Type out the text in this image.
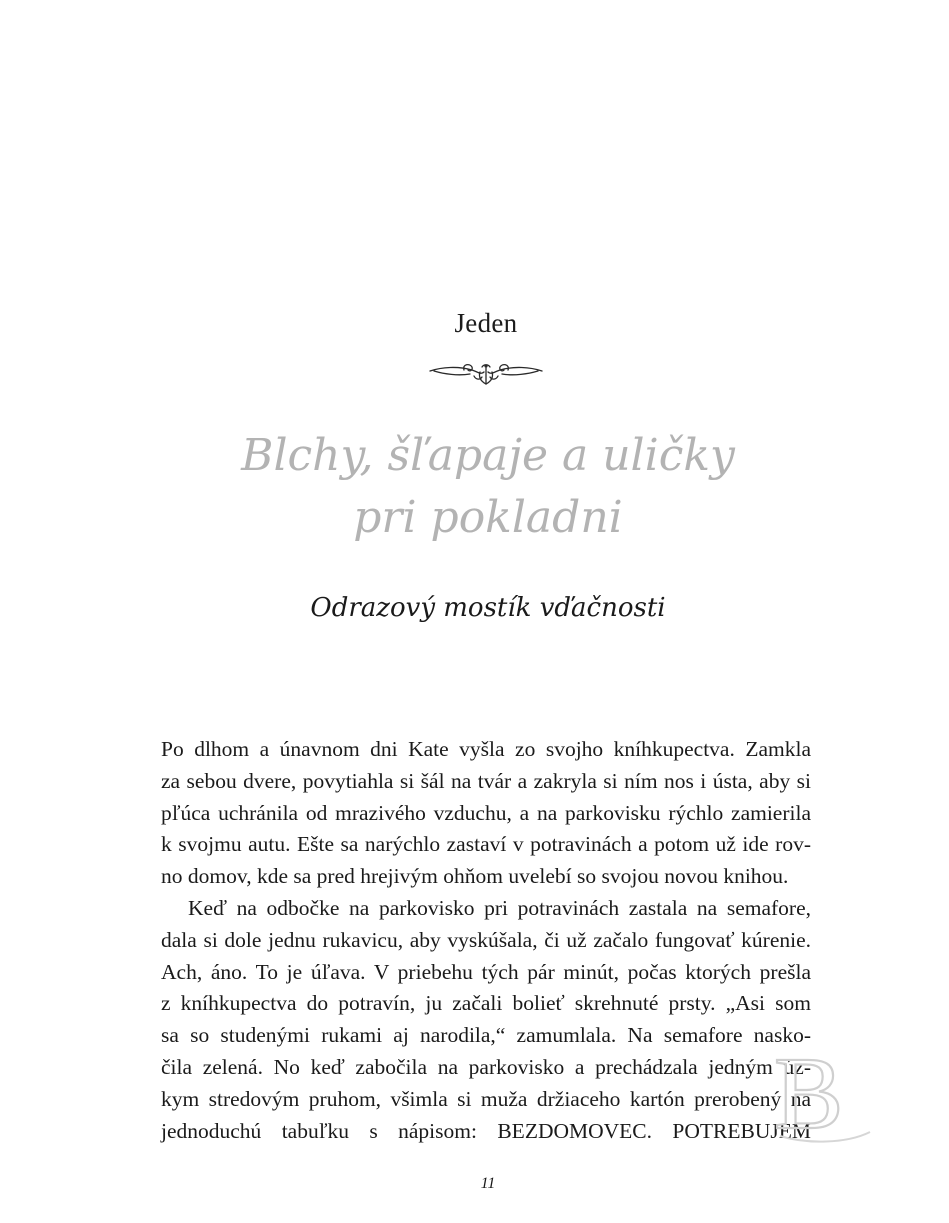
Jeden
Blchy, šľapaje a uličky
pri pokladni
Odrazový mostík vďačnosti
Po dlhom a únavnom dni Kate vyšla zo svojho kníhkupectva. Zamkla
za sebou dvere, povytiahla si šál na tvár a zakryla si ním nos i ústa, aby si
pľúca uchránila od mrazivého vzduchu, a na parkovisku rýchlo zamierila
k svojmu autu. Ešte sa narýchlo zastaví v potravinách a potom už ide rov-
no domov, kde sa pred hrejivým ohňom uvelebí so svojou novou knihou.
Keď na odbočke na parkovisko pri potravinách zastala na semafore,
dala si dole jednu rukavicu, aby vyskúšala, či už začalo fungovať kúrenie.
Ach, áno. To je úľava. V priebehu tých pár minút, počas ktorých prešla
z kníhkupectva do potravín, ju začali bolieť skrehnuté prsty. „Asi som
sa so studenými rukami aj narodila,“ zamumlala. Na semafore nasko-
čila zelená. No keď zabočila na parkovisko a prechádzala jedným úz-
kym stredovým pruhom, všimla si muža držiaceho kartón prerobený na
jednoduchú tabuľku s nápisom: BEZDOMOVEC. POTREBUJEM
B
11
